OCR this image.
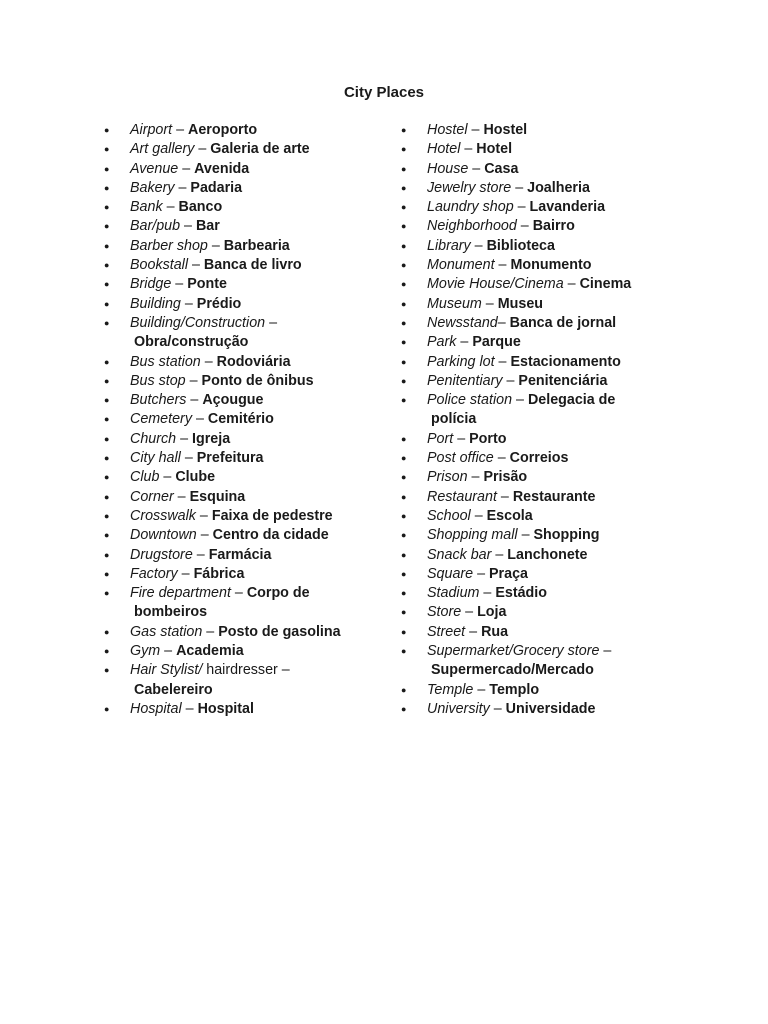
City Places
● Airport – Aeroporto
● Art gallery – Galeria de arte
● Avenue – Avenida
● Bakery – Padaria
● Bank – Banco
● Bar/pub – Bar
● Barber shop – Barbearia
● Bookstall – Banca de livro
● Bridge – Ponte
● Building – Prédio
● Building/Construction –
Obra/construção
● Bus station – Rodoviária
● Bus stop – Ponto de ônibus
● Butchers – Açougue
● Cemetery – Cemitério
● Church – Igreja
● City hall – Prefeitura
● Club – Clube
● Corner – Esquina
● Crosswalk – Faixa de pedestre
● Downtown – Centro da cidade
● Drugstore – Farmácia
● Factory – Fábrica
● Fire department – Corpo de
bombeiros
● Gas station – Posto de gasolina
● Gym – Academia
● Hair Stylist/ hairdresser –
Cabelereiro
● Hospital – Hospital
● Hostel – Hostel
● Hotel – Hotel
● House – Casa
● Jewelry store – Joalheria
● Laundry shop – Lavanderia
● Neighborhood – Bairro
● Library – Biblioteca
● Monument – Monumento
● Movie House/Cinema – Cinema
● Museum – Museu
● Newsstand– Banca de jornal
● Park – Parque
● Parking lot – Estacionamento
● Penitentiary – Penitenciária
● Police station – Delegacia de
polícia
● Port – Porto
● Post office – Correios
● Prison – Prisão
● Restaurant – Restaurante
● School – Escola
● Shopping mall – Shopping
● Snack bar – Lanchonete
● Square – Praça
● Stadium – Estádio
● Store – Loja
● Street – Rua
● Supermarket/Grocery store –
Supermercado/Mercado
● Temple – Templo
● University – Universidade
